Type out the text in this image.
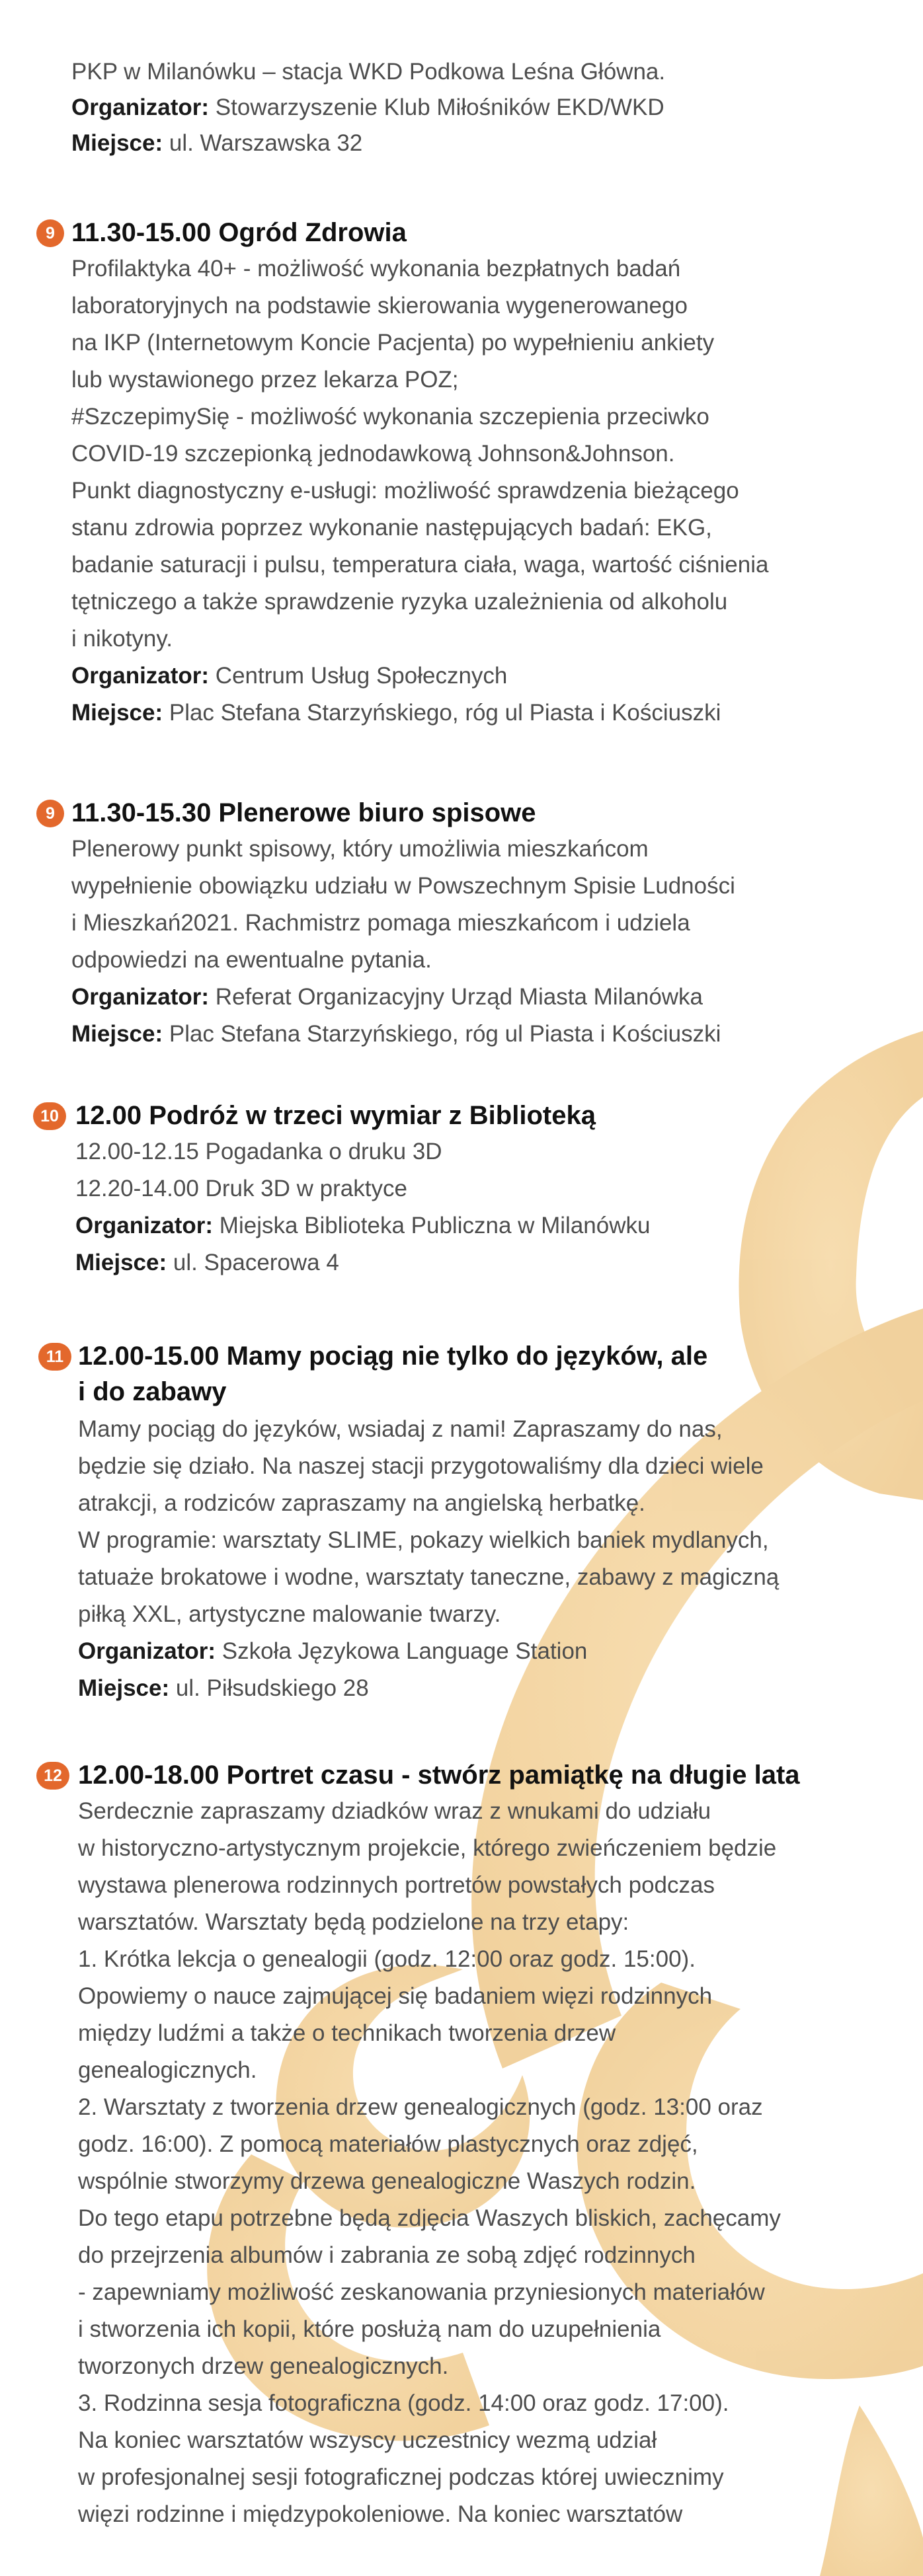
PKP w Milanówku – stacja WKD Podkowa Leśna Główna.
Organizator: Stowarzyszenie Klub Miłośników EKD/WKD
Miejsce: ul. Warszawska 32
9 11.30-15.00 Ogród Zdrowia
Profilaktyka 40+ - możliwość wykonania bezpłatnych badań
laboratoryjnych na podstawie skierowania wygenerowanego
na IKP (Internetowym Koncie Pacjenta) po wypełnieniu ankiety
lub wystawionego przez lekarza POZ;
#SzczepimySię - możliwość wykonania szczepienia przeciwko
COVID-19 szczepionką jednodawkową Johnson&Johnson.
Punkt diagnostyczny e-usługi: możliwość sprawdzenia bieżącego
stanu zdrowia poprzez wykonanie następujących badań: EKG,
badanie saturacji i pulsu, temperatura ciała, waga, wartość ciśnienia
tętniczego a także sprawdzenie ryzyka uzależnienia od alkoholu
i nikotyny.
Organizator: Centrum Usług Społecznych
Miejsce: Plac Stefana Starzyńskiego, róg ul Piasta i Kościuszki
9 11.30-15.30 Plenerowe biuro spisowe
Plenerowy punkt spisowy, który umożliwia mieszkańcom
wypełnienie obowiązku udziału w Powszechnym Spisie Ludności
i Mieszkań2021. Rachmistrz pomaga mieszkańcom i udziela
odpowiedzi na ewentualne pytania.
Organizator: Referat Organizacyjny Urząd Miasta Milanówka
Miejsce: Plac Stefana Starzyńskiego, róg ul Piasta i Kościuszki
10 12.00 Podróż w trzeci wymiar z Biblioteką
12.00-12.15 Pogadanka o druku 3D
12.20-14.00 Druk 3D w praktyce
Organizator: Miejska Biblioteka Publiczna w Milanówku
Miejsce: ul. Spacerowa 4
11 12.00-15.00 Mamy pociąg nie tylko do języków, ale
i do zabawy
Mamy pociąg do języków, wsiadaj z nami! Zapraszamy do nas,
będzie się działo. Na naszej stacji przygotowaliśmy dla dzieci wiele
atrakcji, a rodziców zapraszamy na angielską herbatkę.
W programie: warsztaty SLIME, pokazy wielkich baniek mydlanych,
tatuaże brokatowe i wodne, warsztaty taneczne, zabawy z magiczną
piłką XXL, artystyczne malowanie twarzy.
Organizator: Szkoła Językowa Language Station
Miejsce: ul. Piłsudskiego 28
12 12.00-18.00 Portret czasu - stwórz pamiątkę na długie lata
Serdecznie zapraszamy dziadków wraz z wnukami do udziału
w historyczno-artystycznym projekcie, którego zwieńczeniem będzie
wystawa plenerowa rodzinnych portretów powstałych podczas
warsztatów. Warsztaty będą podzielone na trzy etapy:
1. Krótka lekcja o genealogii (godz. 12:00 oraz godz. 15:00).
Opowiemy o nauce zajmującej się badaniem więzi rodzinnych
między ludźmi a także o technikach tworzenia drzew
genealogicznych.
2. Warsztaty z tworzenia drzew genealogicznych (godz. 13:00 oraz
godz. 16:00). Z pomocą materiałów plastycznych oraz zdjęć,
wspólnie stworzymy drzewa genealogiczne Waszych rodzin.
Do tego etapu potrzebne będą zdjęcia Waszych bliskich, zachęcamy
do przejrzenia albumów i zabrania ze sobą zdjęć rodzinnych
- zapewniamy możliwość zeskanowania przyniesionych materiałów
i stworzenia ich kopii, które posłużą nam do uzupełnienia
tworzonych drzew genealogicznych.
3. Rodzinna sesja fotograficzna (godz. 14:00 oraz godz. 17:00).
Na koniec warsztatów wszyscy uczestnicy wezmą udział
w profesjonalnej sesji fotograficznej podczas której uwiecznimy
więzi rodzinne i międzypokoleniowe. Na koniec warsztatów
